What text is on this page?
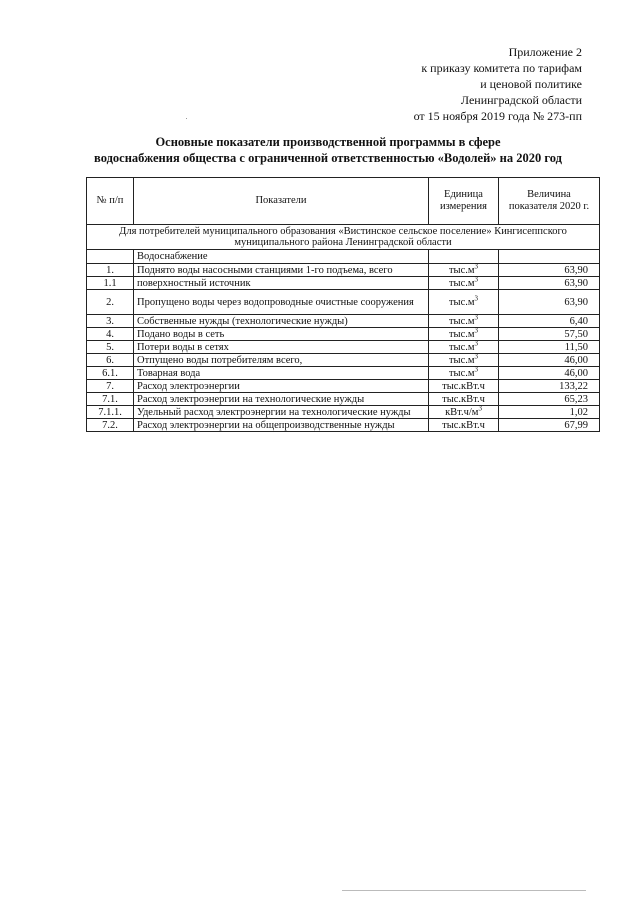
Приложение 2
к приказу комитета по тарифам
и ценовой политике
Ленинградской области
от 15 ноября 2019 года № 273-пп
Основные показатели производственной программы в сфере
водоснабжения общества с ограниченной ответственностью «Водолей» на 2020 год
№ п/п	Показатели	Единица измерения	Величина показателя 2020 г.
Для потребителей муниципального образования «Вистинское сельское поселение» Кингисеппского муниципального района Ленинградской области			
	Водоснабжение		
1.	Поднято воды насосными станциями 1-го подъема, всего	$тыс.м^3$	63,90
1.1	поверхностный источник	$тыс.м^3$	63,90
2.	Пропущено воды через водопроводные очистные сооружения	$тыс.м^3$	63,90
3.	Собственные нужды (технологические нужды)	$тыс.м^3$	6,40
4.	Подано воды в сеть	$тыс.м^3$	57,50
5.	Потери воды в сетях	$тыс.м^3$	11,50
6.	Отпущено воды потребителям всего,	$тыс.м^3$	46,00
6.1.	Товарная вода	$тыс.м^3$	46,00
7.	Расход электроэнергии	тыс.кВт.ч	133,22
7.1.	Расход электроэнергии на технологические нужды	тыс.кВт.ч	65,23
7.1.1.	Удельный расход электроэнергии на технологические нужды	$кВт.ч/м^3$	1,02
7.2.	Расход электроэнергии на общепроизводственные нужды	тыс.кВт.ч	67,99
